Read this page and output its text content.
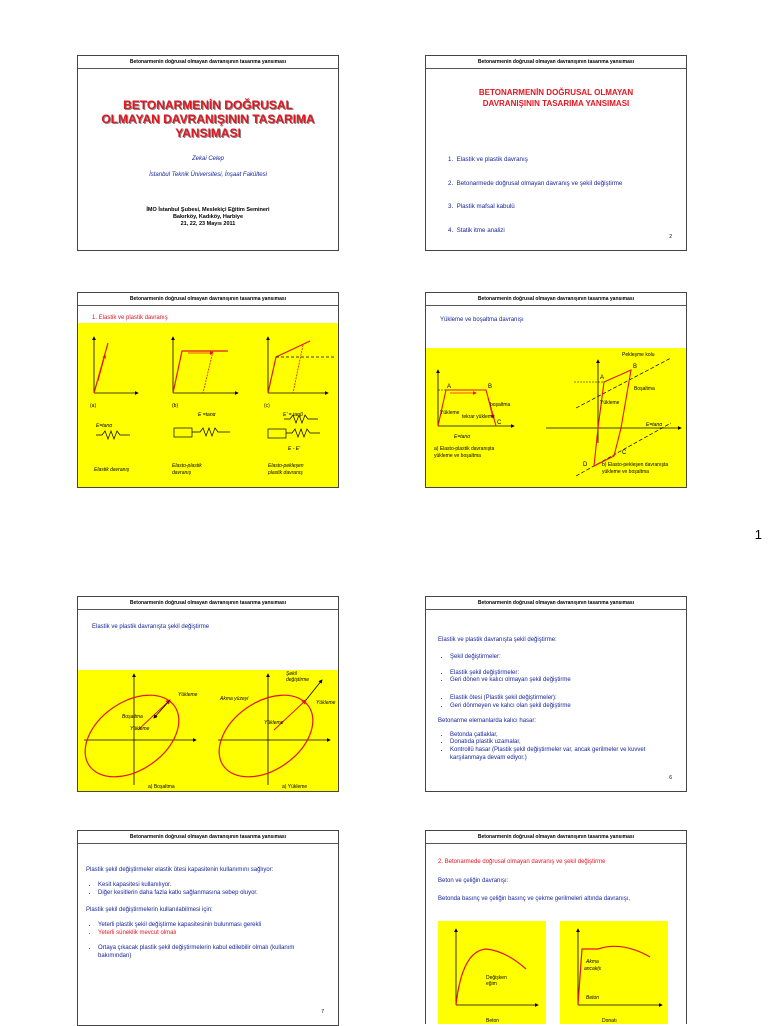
Betonarmenin doğrusal olmayan davranışının tasarıma yansıması
BETONARMENİN DOĞRUSAL
OLMAYAN DAVRANIŞININ TASARIMA
YANSIMASI
Zekai Celep
İstanbul Teknik Üniversitesi, İnşaat Fakültesi
İMO İstanbul Şubesi, Meslekiçi Eğitim Semineri
Bakırköy, Kadıköy, Harbiye
21, 22, 23 Mayıs 2011
Betonarmenin doğrusal olmayan davranışının tasarıma yansıması
BETONARMENİN DOĞRUSAL OLMAYAN
DAVRANIŞININ TASARIMA YANSIMASI

1.  Elastik ve plastik davranış

2.  Betonarmede doğrusal olmayan davranış ve şekil değiştirme

3.  Plastik mafsal kabulü

4.  Statik itme analizi

2
Betonarmenin doğrusal olmayan davranışının tasarıma yansıması
1. Elastik ve plastik davranış
(a)	(b)	(c)
E=tanα
E =tanα	E' = tanβ
E - E'
Elastik davranış
Elasto-plastik
davranış
Elasto-pekleşen
plastik davranış
Betonarmenin doğrusal olmayan davranışının tasarıma yansıması
Yükleme ve boşaltma davranışı
A	B
C
boşaltma
Yükleme
tekrar yükleme
E=tanα
a) Elasto-plastik davranışta
yükleme ve boşaltma
Pekleşme kolu
A
B
C
D
Boşaltma
Yükleme
E=tanα
b) Elasto-pekleşen davranışta
yükleme ve boşaltma
1
Betonarmenin doğrusal olmayan davranışının tasarıma yansıması
Elastik ve plastik davranışta şekil değiştirme
Yükleme
Boşaltma
Yükleme
a) Boşaltma
Şekil
değiştirme
Akma yüzeyi
Yükleme
Yükleme
a) Yükleme
Betonarmenin doğrusal olmayan davranışının tasarıma yansıması
Elastik ve plastik davranışta şekil değiştirme:
• Şekil değiştirmeler:
• Elastik şekil değiştirmeler:
• Geri dönen ve kalıcı olmayan şekil değiştirme
• Elastik ötesi (Plastik şekil değiştirmeler):
• Geri dönmeyen ve kalıcı olan şekil değiştirme
Betonarme elemanlarda kalıcı hasar:
• Betonda çatlaklar,
• Donatıda plastik uzamalar,
• Kontrollü hasar (Plastik şekil değiştirmeler var, ancak gerilmeler ve kuvvet karşılanmaya devam ediyor.)
6
Betonarmenin doğrusal olmayan davranışının tasarıma yansıması
Plastik şekil değiştirmeler elastik ötesi kapasitenin kullanımını sağlıyor:
• Kesit kapasitesi kullanılıyor.
• Diğer kesitlerin daha fazla katkı sağlanmasına sebep oluyor.
Plastik şekil değiştirmelerin kullanılabilmesi için:
• Yeterli plastik şekil değiştirme kapasitesinin bulunması gerekli
• Yeterli süneklik mevcut olmalı
• Ortaya çıkacak plastik şekil değiştirmelerin kabul edilebilir olmalı (kullanım bakımından)
7
Betonarmenin doğrusal olmayan davranışının tasarıma yansıması
2. Betonarmede doğrusal olmayan davranış ve şekil değiştirme
Beton ve çeliğin davranışı:
Betonda basınç ve çeliğin basınç ve çekme gerilmeleri altında davranışı,
Değişken
eğim
Beton
Akma
ancak(ε
Beton
Donatı
